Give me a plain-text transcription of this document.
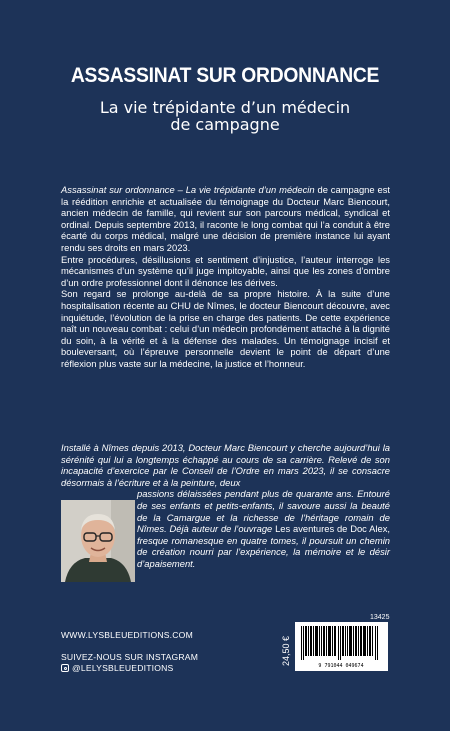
ASSASSINAT SUR ORDONNANCE
La vie trépidante d’un médecin
de campagne

Assassinat sur ordonnance – La vie trépidante d’un médecin de campagne est la réédition enrichie et actualisée du témoignage du Docteur Marc Biencourt, ancien médecin de famille, qui revient sur son parcours médical, syndical et ordinal. Depuis septembre 2013, il raconte le long combat qui l’a conduit à être écarté du corps médical, malgré une décision de première instance lui ayant rendu ses droits en mars 2023.

Entre procédures, désillusions et sentiment d’injustice, l’auteur interroge les mécanismes d’un système qu’il juge impitoyable, ainsi que les zones d’ombre d’un ordre professionnel dont il dénonce les dérives.

Son regard se prolonge au-delà de sa propre histoire. À la suite d’une hospitalisation récente au CHU de Nîmes, le docteur Biencourt découvre, avec inquiétude, l’évolution de la prise en charge des patients. De cette expérience naît un nouveau combat : celui d’un médecin profondément attaché à la dignité du soin, à la vérité et à la défense des malades. Un témoignage incisif et bouleversant, où l’épreuve personnelle devient le point de départ d’une réflexion plus vaste sur la médecine, la justice et l’honneur.

Installé à Nîmes depuis 2013, Docteur Marc Biencourt y cherche aujourd’hui la sérénité qui lui a longtemps échappé au cours de sa carrière. Relevé de son incapacité d’exercice par le Conseil de l’Ordre en mars 2023, il se consacre désormais à l’écriture et à la peinture, deux

passions délaissées pendant plus de quarante ans. Entouré de ses enfants et petits-enfants, il savoure aussi la beauté de la Camargue et la richesse de l’héritage romain de Nîmes. Déjà auteur de l’ouvrage Les aventures de Doc Alex, fresque romanesque en quatre tomes, il poursuit un chemin de création nourri par l’expérience, la mémoire et le désir d’apaisement.

13425
24,50 €	9 791044 049674
WWW.LYSBLEUEDITIONS.COM
SUIVEZ-NOUS SUR INSTAGRAM
@LELYSBLEUEDITIONS
